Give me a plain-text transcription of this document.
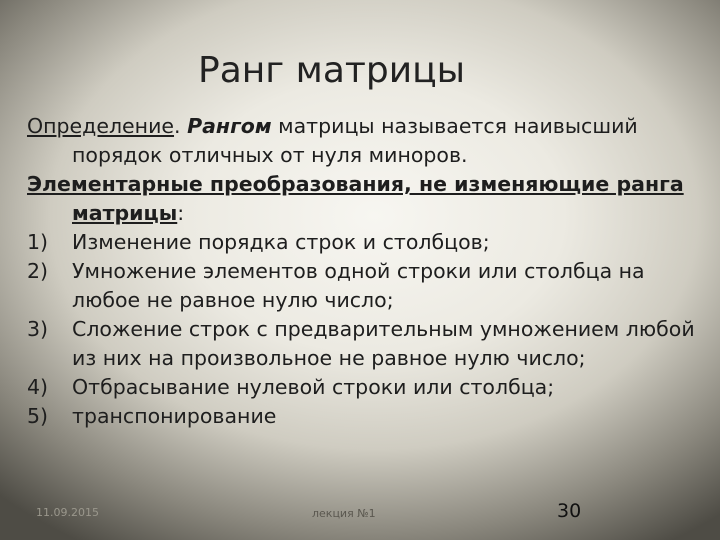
Ранг матрицы

Определение. Рангом матрицы называется наивысший порядок отличных от нуля миноров.

Элементарные преобразования, не изменяющие ранга матрицы:

1) Изменение порядка строк и столбцов;
2) Умножение элементов одной строки или столбца на любое не равное нулю число;
3) Сложение строк с предварительным умножением любой из них на произвольное не равное нулю число;
4) Отбрасывание нулевой строки или столбца;
5) транспонирование
11.09.2015	лекция №1	30
